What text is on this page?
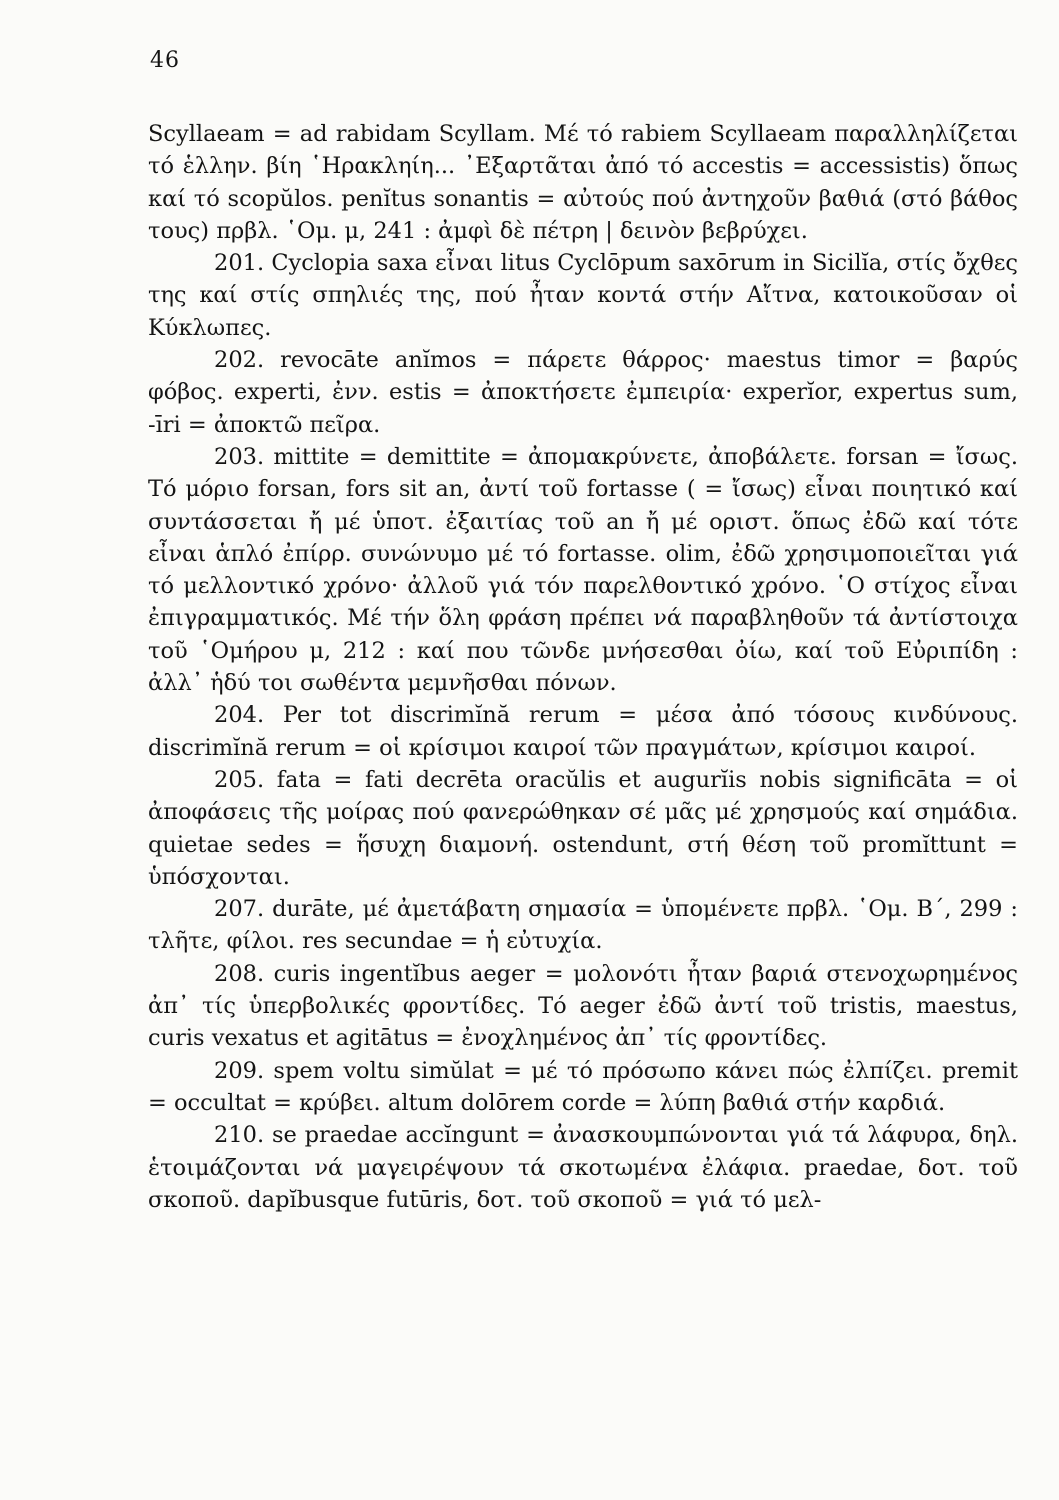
46

Scyllaeam = ad rabidam Scyllam. Μέ τό rabiem Scyllaeam παραλληλίζεται τό ἑλλην. βίη ῾Ηρακληίη... ᾿Εξαρτᾶται ἀπό τό accestis = accessistis) ὅπως καί τό scopŭlos. penĭtus sonantis = αὐτούς πού ἀντηχοῦν βαθιά (στό βάθος τους) πρβλ. ῾Ομ. μ, 241 : ἀμφὶ δὲ πέτρη | δεινὸν βεβρύχει.

201. Cyclopia saxa εἶναι litus Cyclōpum saxōrum in Sicilĭa, στίς ὄχθες της καί στίς σπηλιές της, πού ἦταν κοντά στήν Αἴτνα, κατοικοῦσαν οἱ Κύκλωπες.

202. revocāte anĭmos = πάρετε θάρρος· maestus timor = βαρύς φόβος. experti, ἐνν. estis = ἀποκτήσετε ἐμπειρία· experĭor, expertus sum, -īri = ἀποκτῶ πεῖρα.

203. mittite = demittite = ἀπομακρύνετε, ἀποβάλετε. forsan = ἴσως. Τό μόριο forsan, fors sit an, ἀντί τοῦ fortasse ( = ἴσως) εἶναι ποιητικό καί συντάσσεται ἤ μέ ὑποτ. ἐξαιτίας τοῦ an ἤ μέ οριστ. ὅπως ἐδῶ καί τότε εἶναι ἁπλό ἐπίρρ. συνώνυμο μέ τό fortasse. olim, ἐδῶ χρησιμοποιεῖται γιά τό μελλοντικό χρόνο· ἀλλοῦ γιά τόν παρελθοντικό χρόνο. ῾Ο στίχος εἶναι ἐπιγραμματικός. Μέ τήν ὅλη φράση πρέπει νά παραβληθοῦν τά ἀντίστοιχα τοῦ ῾Ομήρου μ, 212 : καί που τῶνδε μνήσεσθαι ὀίω, καί τοῦ Εὐριπίδη : ἀλλ᾿ ἡδύ τοι σωθέντα μεμνῆσθαι πόνων.

204. Per tot discrimĭnă rerum = μέσα ἀπό τόσους κινδύνους. discrimĭnă rerum = οἱ κρίσιμοι καιροί τῶν πραγμάτων, κρίσιμοι καιροί.

205. fata = fati decrēta oracŭlis et augurĭis nobis significāta = οἱ ἀποφάσεις τῆς μοίρας πού φανερώθηκαν σέ μᾶς μέ χρησμούς καί σημάδια. quietae sedes = ἥσυχη διαμονή. ostendunt, στή θέση τοῦ promĭttunt = ὑπόσχονται.

207. durāte, μέ ἀμετάβατη σημασία = ὑπομένετε πρβλ. ῾Ομ. Β΄, 299 : τλῆτε, φίλοι. res secundae = ἡ εὐτυχία.

208. curis ingentĭbus aeger = μολονότι ἦταν βαριά στενοχωρημένος ἀπ᾿ τίς ὑπερβολικές φροντίδες. Τό aeger ἐδῶ ἀντί τοῦ tristis, maestus, curis vexatus et agitātus = ἐνοχλημένος ἀπ᾿ τίς φροντίδες.

209. spem voltu simŭlat = μέ τό πρόσωπο κάνει πώς ἐλπίζει. premit = occultat = κρύβει. altum dolōrem corde = λύπη βαθιά στήν καρδιά.

210. se praedae accĭngunt = ἀνασκουμπώνονται γιά τά λάφυρα, δηλ. ἑτοιμάζονται νά μαγειρέψουν τά σκοτωμένα ἐλάφια. praedae, δοτ. τοῦ σκοποῦ. dapĭbusque futūris, δοτ. τοῦ σκοποῦ = γιά τό μελ-
